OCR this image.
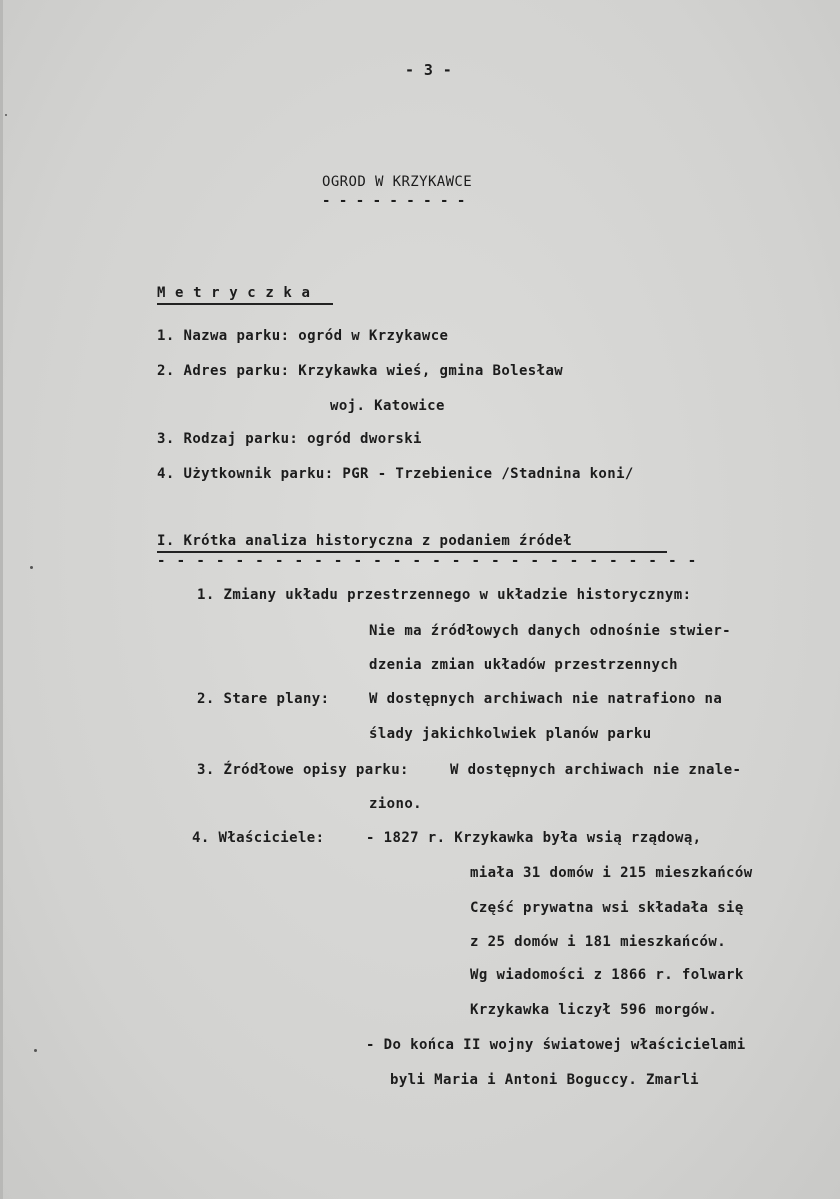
- 3 -
OGROD W KRZYKAWCE
- - - - - - - - -
M e t r y c z k a
1. Nazwa parku: ogród w Krzykawce
2. Adres parku: Krzykawka wieś, gmina Bolesław
woj. Katowice
3. Rodzaj parku: ogród dworski
4. Użytkownik parku: PGR - Trzebienice /Stadnina koni/
I. Krótka analiza historyczna z podaniem źródeł
- - - - - - - - - - - - - - - - - - - - - - - - - - - -
1. Zmiany układu przestrzennego w układzie historycznym:
Nie ma źródłowych danych odnośnie stwier-
dzenia zmian układów przestrzennych
2. Stare plany:	W dostępnych archiwach nie natrafiono na
ślady jakichkolwiek planów parku
3. Źródłowe opisy parku:	W dostępnych archiwach nie znale-
ziono.
4. Właściciele:	- 1827 r. Krzykawka była wsią rządową,
miała 31 domów i 215 mieszkańców
Część prywatna wsi składała się
z 25 domów i 181 mieszkańców.
Wg wiadomości z 1866 r. folwark
Krzykawka liczył 596 morgów.
- Do końca II wojny światowej właścicielami
byli Maria i Antoni Boguccy. Zmarli
